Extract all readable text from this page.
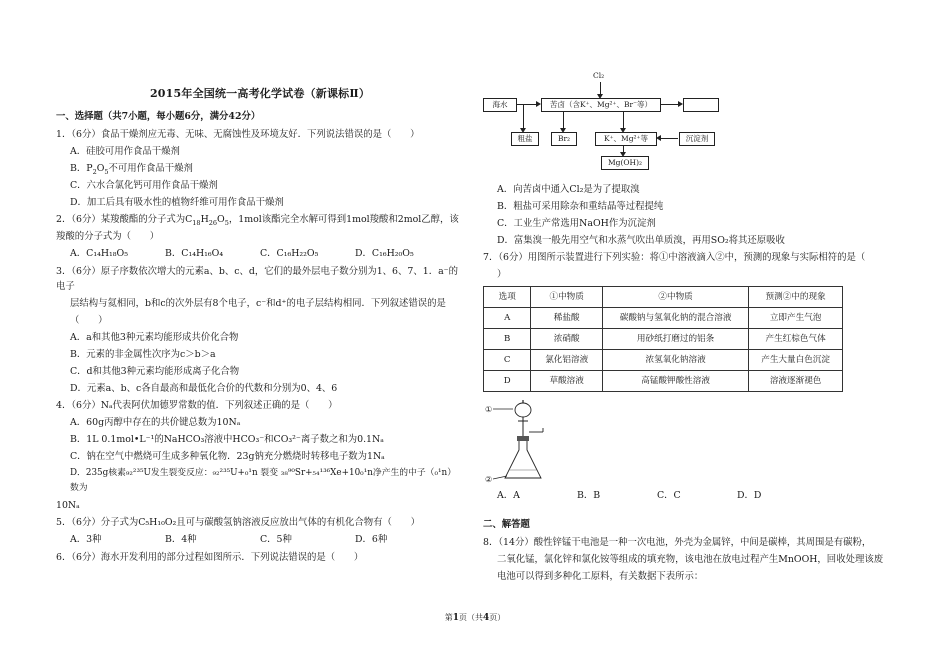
2015年全国统一高考化学试卷（新课标Ⅱ）
一、选择题（共7小题，每小题6分，满分42分）
1．（6分）食品干燥剂应无毒、无味、无腐蚀性及环境友好．下列说法错误的是（　　）
A．硅胶可用作食品干燥剂
B．$P_2O_5$不可用作食品干燥剂
C．六水合氯化钙可用作食品干燥剂
D．加工后具有吸水性的植物纤维可用作食品干燥剂
2．（6分）某羧酸酯的分子式为$C_{18}H_{26}O_5$，1mol该酯完全水解可得到1mol羧酸和2mol乙醇，该
羧酸的分子式为（　　）
A．C₁₄H₁₈O₅	B．C₁₄H₁₆O₄	C．C₁₆H₂₂O₅	D．C₁₆H₂₀O₅
3．（6分）原子序数依次增大的元素a、b、c、d，它们的最外层电子数分别为1、6、7、1．a⁻的电子
层结构与氦相同，b和c的次外层有8个电子，c⁻和d⁺的电子层结构相同．下列叙述错误的是
（　　）
A．a和其他3种元素均能形成共价化合物
B．元素的非金属性次序为c＞b＞a
C．d和其他3种元素均能形成离子化合物
D．元素a、b、c各自最高和最低化合价的代数和分别为0、4、6
4．（6分）Nₐ代表阿伏加德罗常数的值．下列叙述正确的是（　　）
A．60g丙醇中存在的共价键总数为10Nₐ
B．1L 0.1mol•L⁻¹的NaHCO₃溶液中HCO₃⁻和CO₃²⁻离子数之和为0.1Nₐ
C．钠在空气中燃烧可生成多种氧化物．23g钠充分燃烧时转移电子数为1Nₐ
D．235g核素₉₂²³⁵U发生裂变反应：₉₂²³⁵U+₀¹n 裂变 ₃₈⁹⁰Sr+₅₄¹³⁶Xe+10₀¹n净产生的中子（₀¹n）数为
10Nₐ
5．（6分）分子式为C₅H₁₀O₂且可与碳酸氢钠溶液反应放出气体的有机化合物有（　　）
A．3种	B．4种	C．5种	D．6种
6．（6分）海水开发利用的部分过程如图所示．下列说法错误的是（　　）
Cl₂
海水	苦卤（含K⁺、Mg²⁺、Br⁻等）
粗盐	Br₂	K⁺、Mg²⁺等	沉淀剂
Mg(OH)₂
A．向苦卤中通入Cl₂是为了提取溴
B．粗盐可采用除杂和重结晶等过程提纯
C．工业生产常选用NaOH作为沉淀剂
D．富集溴一般先用空气和水蒸气吹出单质溴，再用SO₂将其还原吸收
7．（6分）用图所示装置进行下列实验：将①中溶液滴入②中，预测的现象与实际相符的是（
）
选项	①中物质	②中物质	预测②中的现象
A	稀盐酸	碳酸钠与氢氧化钠的混合溶液	立即产生气泡
B	浓硝酸	用砂纸打磨过的铝条	产生红棕色气体
C	氯化铝溶液	浓氢氧化钠溶液	产生大量白色沉淀
D	草酸溶液	高锰酸钾酸性溶液	溶液逐渐褪色
①
②
A．A	B．B	C．C	D．D
二、解答题
8．（14分）酸性锌锰干电池是一种一次电池，外壳为金属锌，中间是碳棒，其周围是有碳粉，
二氧化锰，氯化锌和氯化铵等组成的填充物，该电池在放电过程产生MnOOH，回收处理该废
电池可以得到多种化工原料，有关数据下表所示：
第1页（共4页）
